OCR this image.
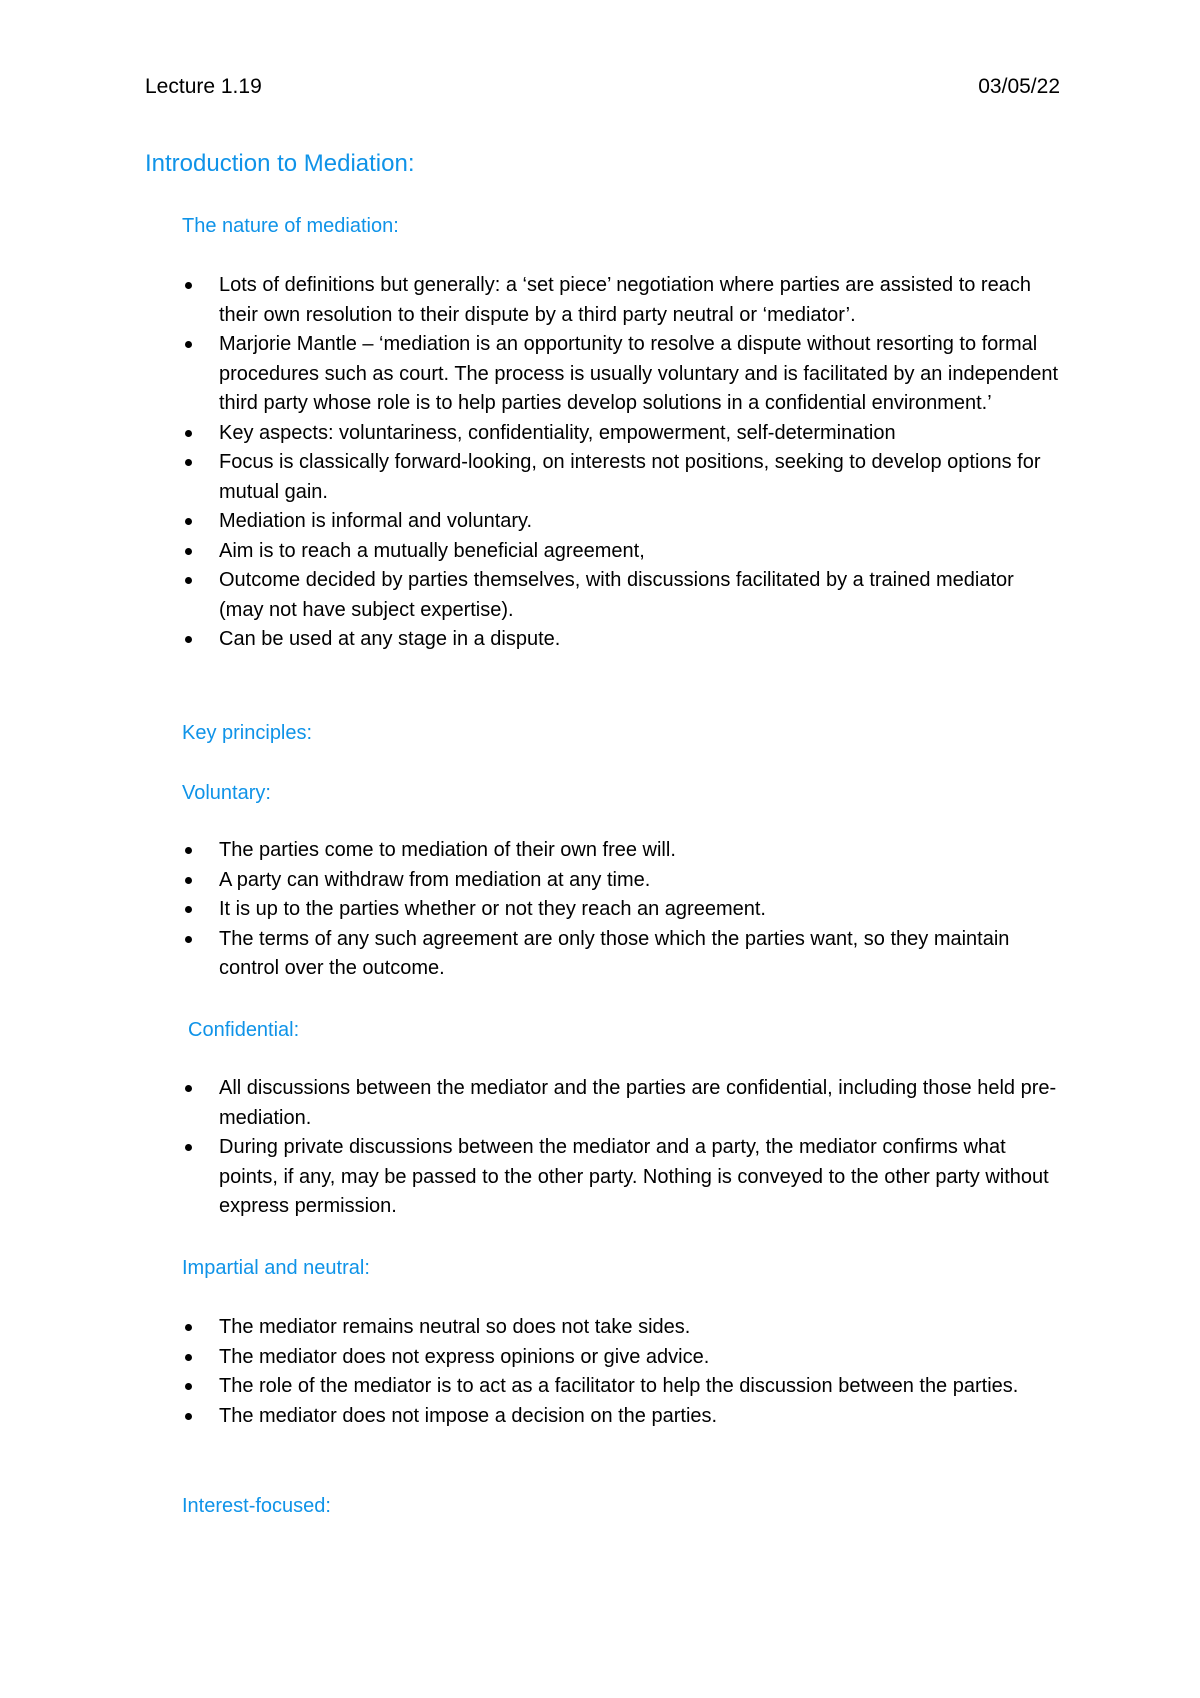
Lecture 1.19	03/05/22
Introduction to Mediation:
The nature of mediation:
Lots of definitions but generally: a ‘set piece’ negotiation where parties are assisted to reach their own resolution to their dispute by a third party neutral or ‘mediator’.
Marjorie Mantle – ‘mediation is an opportunity to resolve a dispute without resorting to formal procedures such as court. The process is usually voluntary and is facilitated by an independent third party whose role is to help parties develop solutions in a confidential environment.’
Key aspects: voluntariness, confidentiality, empowerment, self-determination
Focus is classically forward-looking, on interests not positions, seeking to develop options for mutual gain.
Mediation is informal and voluntary.
Aim is to reach a mutually beneficial agreement,
Outcome decided by parties themselves, with discussions facilitated by a trained mediator (may not have subject expertise).
Can be used at any stage in a dispute.
Key principles:
Voluntary:
The parties come to mediation of their own free will.
A party can withdraw from mediation at any time.
It is up to the parties whether or not they reach an agreement.
The terms of any such agreement are only those which the parties want, so they maintain control over the outcome.
Confidential:
All discussions between the mediator and the parties are confidential, including those held pre-mediation.
During private discussions between the mediator and a party, the mediator confirms what points, if any, may be passed to the other party. Nothing is conveyed to the other party without express permission.
Impartial and neutral:
The mediator remains neutral so does not take sides.
The mediator does not express opinions or give advice.
The role of the mediator is to act as a facilitator to help the discussion between the parties.
The mediator does not impose a decision on the parties.
Interest-focused:
